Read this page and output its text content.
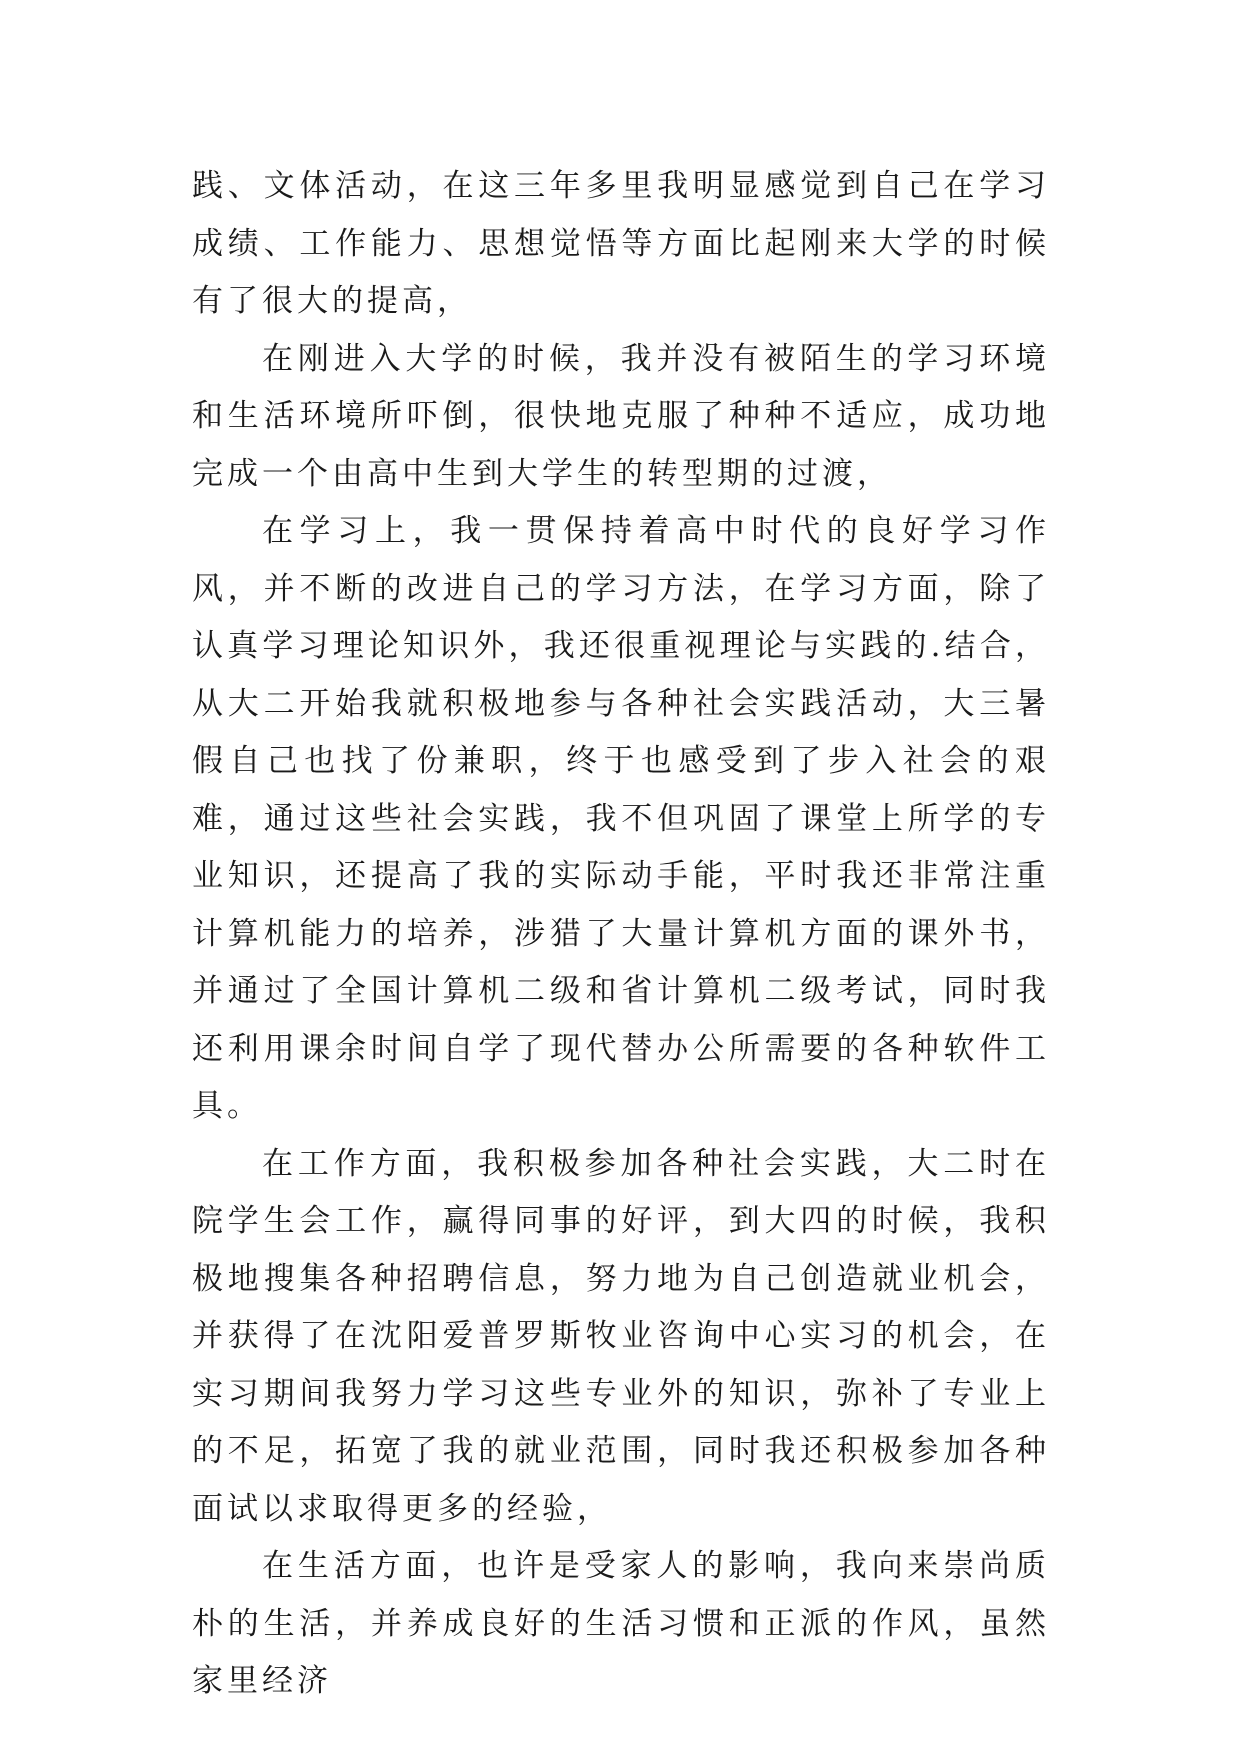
践、文体活动，在这三年多里我明显感觉到自己在学习成绩、工作能力、思想觉悟等方面比起刚来大学的时候有了很大的提高，

在刚进入大学的时候，我并没有被陌生的学习环境和生活环境所吓倒，很快地克服了种种不适应，成功地完成一个由高中生到大学生的转型期的过渡，

在学习上，我一贯保持着高中时代的良好学习作风，并不断的改进自己的学习方法，在学习方面，除了认真学习理论知识外，我还很重视理论与实践的.结合，从大二开始我就积极地参与各种社会实践活动，大三暑假自己也找了份兼职，终于也感受到了步入社会的艰难，通过这些社会实践，我不但巩固了课堂上所学的专业知识，还提高了我的实际动手能，平时我还非常注重计算机能力的培养，涉猎了大量计算机方面的课外书，并通过了全国计算机二级和省计算机二级考试，同时我还利用课余时间自学了现代替办公所需要的各种软件工具。

在工作方面，我积极参加各种社会实践，大二时在院学生会工作，赢得同事的好评，到大四的时候，我积极地搜集各种招聘信息，努力地为自己创造就业机会，并获得了在沈阳爱普罗斯牧业咨询中心实习的机会，在实习期间我努力学习这些专业外的知识，弥补了专业上的不足，拓宽了我的就业范围，同时我还积极参加各种面试以求取得更多的经验，

在生活方面，也许是受家人的影响，我向来崇尚质朴的生活，并养成良好的生活习惯和正派的作风，虽然家里经济
